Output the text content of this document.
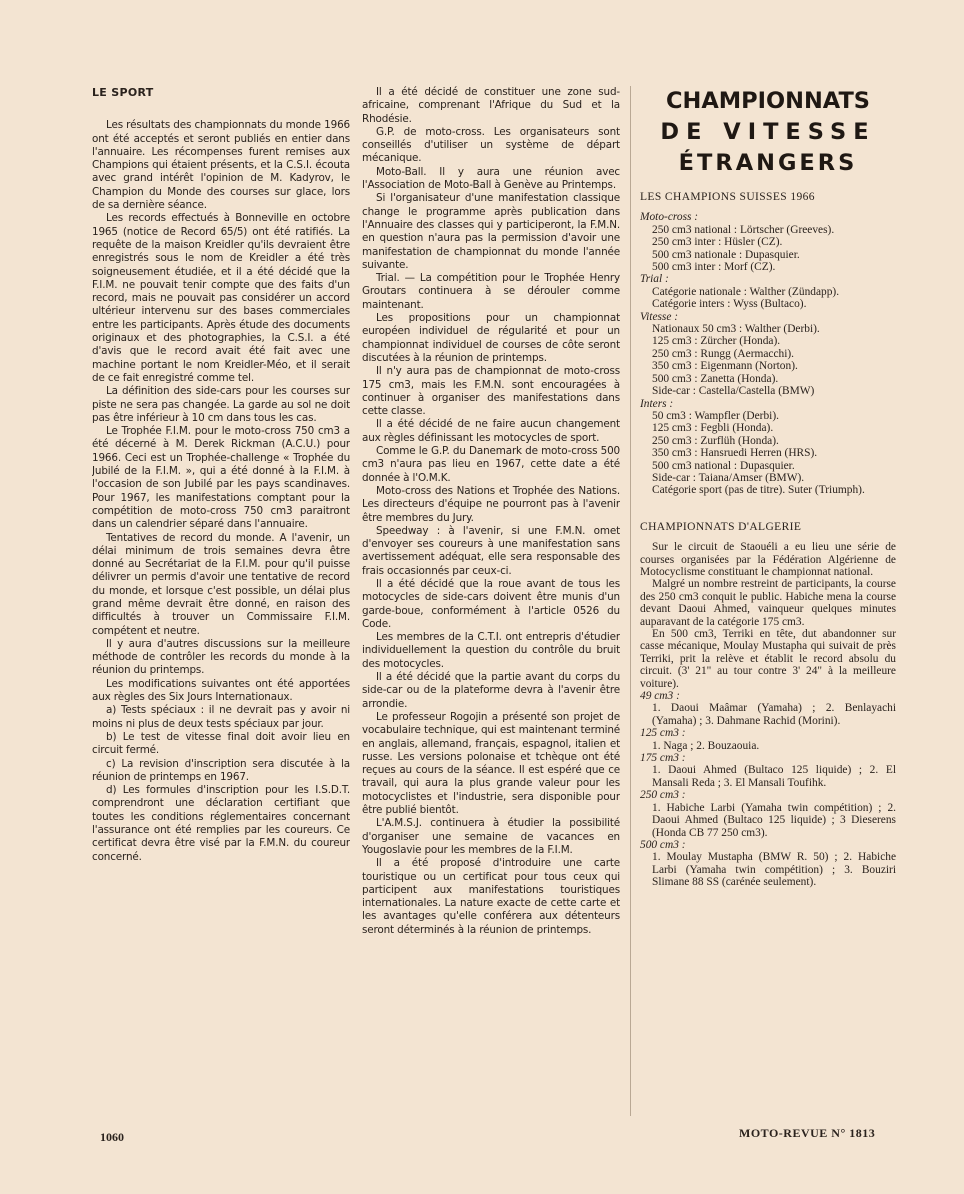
LE SPORT

Les résultats des championnats du monde 1966 ont été acceptés et seront publiés en entier dans l'annuaire. Les récompenses furent remises aux Champions qui étaient présents, et la C.S.I. écouta avec grand intérêt l'opinion de M. Kadyrov, le Champion du Monde des courses sur glace, lors de sa dernière séance.

Les records effectués à Bonneville en octobre 1965 (notice de Record 65/5) ont été ratifiés. La requête de la maison Kreidler qu'ils devraient être enregistrés sous le nom de Kreidler a été très soigneusement étudiée, et il a été décidé que la F.I.M. ne pouvait tenir compte que des faits d'un record, mais ne pouvait pas considérer un accord ultérieur intervenu sur des bases commerciales entre les participants. Après étude des documents originaux et des photographies, la C.S.I. a été d'avis que le record avait été fait avec une machine portant le nom Kreidler-Méo, et il serait de ce fait enregistré comme tel.

La définition des side-cars pour les courses sur piste ne sera pas changée. La garde au sol ne doit pas être inférieur à 10 cm dans tous les cas.

Le Trophée F.I.M. pour le moto-cross 750 cm3 a été décerné à M. Derek Rickman (A.C.U.) pour 1966. Ceci est un Trophée-challenge « Trophée du Jubilé de la F.I.M. », qui a été donné à la F.I.M. à l'occasion de son Jubilé par les pays scandinaves. Pour 1967, les manifestations comptant pour la compétition de moto-cross 750 cm3 paraitront dans un calendrier séparé dans l'annuaire.

Tentatives de record du monde. A l'avenir, un délai minimum de trois semaines devra être donné au Secrétariat de la F.I.M. pour qu'il puisse délivrer un permis d'avoir une tentative de record du monde, et lorsque c'est possible, un délai plus grand même devrait être donné, en raison des difficultés à trouver un Commissaire F.I.M. compétent et neutre.

Il y aura d'autres discussions sur la meilleure méthode de contrôler les records du monde à la réunion du printemps.

Les modifications suivantes ont été apportées aux règles des Six Jours Internationaux.

a) Tests spéciaux : il ne devrait pas y avoir ni moins ni plus de deux tests spéciaux par jour.

b) Le test de vitesse final doit avoir lieu en circuit fermé.

c) La revision d'inscription sera discutée à la réunion de printemps en 1967.

d) Les formules d'inscription pour les I.S.D.T. comprendront une déclaration certifiant que toutes les conditions réglementaires concernant l'assurance ont été remplies par les coureurs. Ce certificat devra être visé par la F.M.N. du coureur concerné.

Il a été décidé de constituer une zone sud-africaine, comprenant l'Afrique du Sud et la Rhodésie.

G.P. de moto-cross. Les organisateurs sont conseillés d'utiliser un système de départ mécanique.

Moto-Ball. Il y aura une réunion avec l'Association de Moto-Ball à Genève au Printemps.

Si l'organisateur d'une manifestation classique change le programme après publication dans l'Annuaire des classes qui y participeront, la F.M.N. en question n'aura pas la permission d'avoir une manifestation de championnat du monde l'année suivante.

Trial. — La compétition pour le Trophée Henry Groutars continuera à se dérouler comme maintenant.

Les propositions pour un championnat européen individuel de régularité et pour un championnat individuel de courses de côte seront discutées à la réunion de printemps.

Il n'y aura pas de championnat de moto-cross 175 cm3, mais les F.M.N. sont encouragées à continuer à organiser des manifestations dans cette classe.

Il a été décidé de ne faire aucun changement aux règles définissant les motocycles de sport.

Comme le G.P. du Danemark de moto-cross 500 cm3 n'aura pas lieu en 1967, cette date a été donnée à l'O.M.K.

Moto-cross des Nations et Trophée des Nations. Les directeurs d'équipe ne pourront pas à l'avenir être membres du Jury.

Speedway : à l'avenir, si une F.M.N. omet d'envoyer ses coureurs à une manifestation sans avertissement adéquat, elle sera responsable des frais occasionnés par ceux-ci.

Il a été décidé que la roue avant de tous les motocycles de side-cars doivent être munis d'un garde-boue, conformément à l'article 0526 du Code.

Les membres de la C.T.I. ont entrepris d'étudier individuellement la question du contrôle du bruit des motocycles.

Il a été décidé que la partie avant du corps du side-car ou de la plateforme devra à l'avenir être arrondie.

Le professeur Rogojin a présenté son projet de vocabulaire technique, qui est maintenant terminé en anglais, allemand, français, espagnol, italien et russe. Les versions polonaise et tchèque ont été reçues au cours de la séance. Il est espéré que ce travail, qui aura la plus grande valeur pour les motocyclistes et l'industrie, sera disponible pour être publié bientôt.

L'A.M.S.J. continuera à étudier la possibilité d'organiser une semaine de vacances en Yougoslavie pour les membres de la F.I.M.

Il a été proposé d'introduire une carte touristique ou un certificat pour tous ceux qui participent aux manifestations touristiques internationales. La nature exacte de cette carte et les avantages qu'elle conférera aux détenteurs seront déterminés à la réunion de printemps.

CHAMPIONNATS
DE VITESSE
ÉTRANGERS
LES CHAMPIONS SUISSES 1966

Moto-cross :

250 cm3 national : Lörtscher (Greeves).

250 cm3 inter : Hüsler (CZ).

500 cm3 nationale : Dupasquier.

500 cm3 inter : Morf (CZ).

Trial :

Catégorie nationale : Walther (Zündapp).

Catégorie inters : Wyss (Bultaco).

Vitesse :

Nationaux 50 cm3 : Walther (Derbi).

125 cm3 : Zürcher (Honda).

250 cm3 : Rungg (Aermacchi).

350 cm3 : Eigenmann (Norton).

500 cm3 : Zanetta (Honda).

Side-car : Castella/Castella (BMW)

Inters :

50 cm3 : Wampfler (Derbi).

125 cm3 : Fegbli (Honda).

250 cm3 : Zurflüh (Honda).

350 cm3 : Hansruedi Herren (HRS).

500 cm3 national : Dupasquier.

Side-car : Taiana/Amser (BMW).

Catégorie sport (pas de titre). Suter (Triumph).

CHAMPIONNATS D'ALGERIE

Sur le circuit de Staouéli a eu lieu une série de courses organisées par la Fédération Algérienne de Motocyclisme constituant le championnat national.

Malgré un nombre restreint de participants, la course des 250 cm3 conquit le public. Habiche mena la course devant Daoui Ahmed, vainqueur quelques minutes auparavant de la catégorie 175 cm3.

En 500 cm3, Terriki en tête, dut abandonner sur casse mécanique, Moulay Mustapha qui suivait de près Terriki, prit la relève et établit le record absolu du circuit. (3' 21" au tour contre 3' 24" à la meilleure voiture).

49 cm3 :

1. Daoui Maâmar (Yamaha) ; 2. Benlayachi (Yamaha) ; 3. Dahmane Rachid (Morini).

125 cm3 :

1. Naga ; 2. Bouzaouia.

175 cm3 :

1. Daoui Ahmed (Bultaco 125 liquide) ; 2. El Mansali Reda ; 3. El Mansali Toufihk.

250 cm3 :

1. Habiche Larbi (Yamaha twin compétition) ; 2. Daoui Ahmed (Bultaco 125 liquide) ; 3 Dieserens (Honda CB 77 250 cm3).

500 cm3 :

1. Moulay Mustapha (BMW R. 50) ; 2. Habiche Larbi (Yamaha twin compétition) ; 3. Bouziri Slimane 88 SS (carénée seulement).

1060	MOTO-REVUE N° 1813
